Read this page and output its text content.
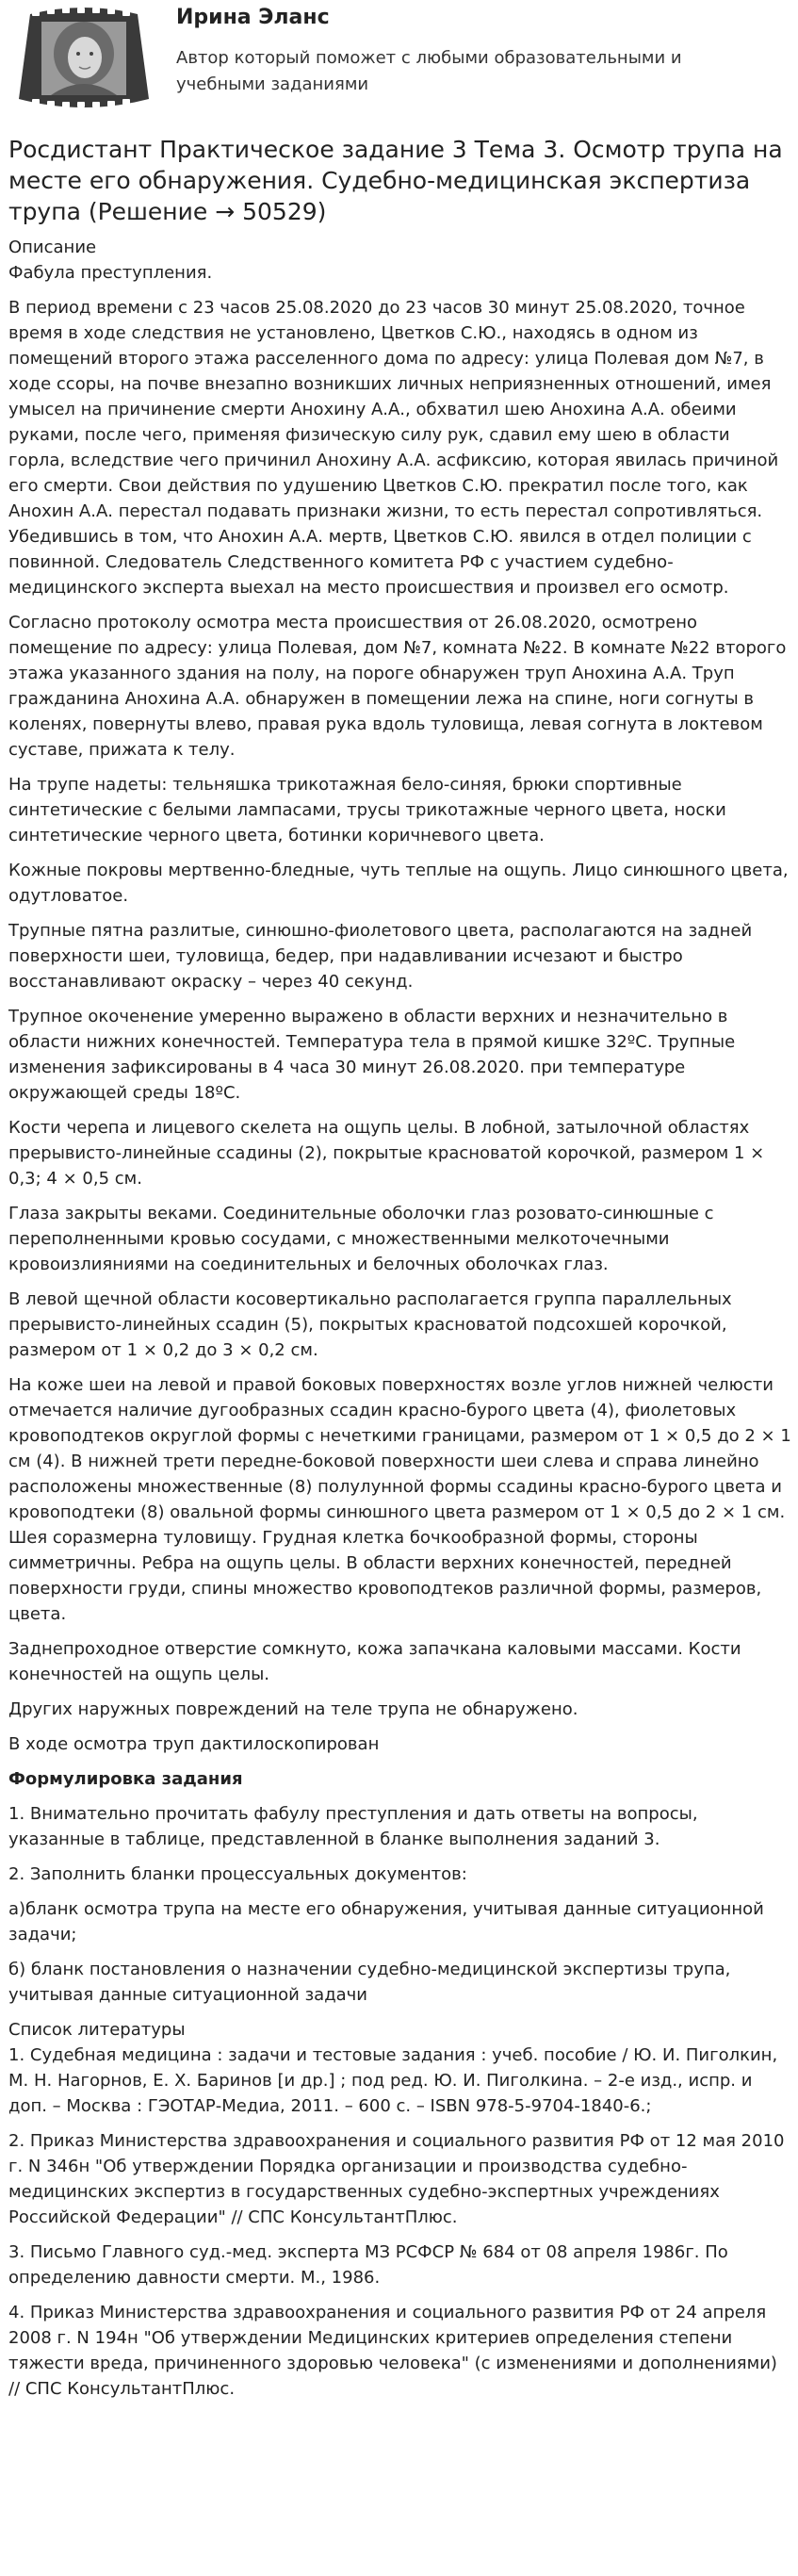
Ирина Эланс
Автор который поможет с любыми образовательными и учебными заданиями
Росдистант Практическое задание 3 Тема 3. Осмотр трупа на месте его обнаружения. Судебно-медицинская экспертиза трупа (Решение → 50529)
Описание
Фабула преступления.

В период времени с 23 часов 25.08.2020 до 23 часов 30 минут 25.08.2020, точное время в ходе следствия не установлено, Цветков С.Ю., находясь в одном из помещений второго этажа расселенного дома по адресу: улица Полевая дом №7, в ходе ссоры, на почве внезапно возникших личных неприязненных отношений, имея умысел на причинение смерти Анохину А.А., обхватил шею Анохина А.А. обеими руками, после чего, применяя физическую силу рук, сдавил ему шею в области горла, вследствие чего причинил Анохину А.А. асфиксию, которая явилась причиной его смерти. Свои действия по удушению Цветков С.Ю. прекратил после того, как Анохин А.А. перестал подавать признаки жизни, то есть перестал сопротивляться. Убедившись в том, что Анохин А.А. мертв, Цветков С.Ю. явился в отдел полиции с повинной. Следователь Следственного комитета РФ с участием судебно-медицинского эксперта выехал на место происшествия и произвел его осмотр.

Согласно протоколу осмотра места происшествия от 26.08.2020, осмотрено помещение по адресу: улица Полевая, дом №7, комната №22. В комнате №22 второго этажа указанного здания на полу, на пороге обнаружен труп Анохина А.А. Труп гражданина Анохина А.А. обнаружен в помещении лежа на спине, ноги согнуты в коленях, повернуты влево, правая рука вдоль туловища, левая согнута в локтевом суставе, прижата к телу.

На трупе надеты: тельняшка трикотажная бело-синяя, брюки спортивные синтетические с белыми лампасами, трусы трикотажные черного цвета, носки синтетические черного цвета, ботинки коричневого цвета.

Кожные покровы мертвенно-бледные, чуть теплые на ощупь. Лицо синюшного цвета, одутловатое.

Трупные пятна разлитые, синюшно-фиолетового цвета, располагаются на задней поверхности шеи, туловища, бедер, при надавливании исчезают и быстро восстанавливают окраску – через 40 секунд.

Трупное окоченение умеренно выражено в области верхних и незначительно в области нижних конечностей. Температура тела в прямой кишке 32ºС. Трупные изменения зафиксированы в 4 часа 30 минут 26.08.2020. при температуре окружающей среды 18ºС.

Кости черепа и лицевого скелета на ощупь целы. В лобной, затылочной областях прерывисто-линейные ссадины (2), покрытые красноватой корочкой, размером 1 × 0,3; 4 × 0,5 см.

Глаза закрыты веками. Соединительные оболочки глаз розовато-синюшные с переполненными кровью сосудами, с множественными мелкоточечными кровоизлияниями на соединительных и белочных оболочках глаз.

В левой щечной области косовертикально располагается группа параллельных прерывисто-линейных ссадин (5), покрытых красноватой подсохшей корочкой, размером от 1 × 0,2 до 3 × 0,2 см.

На коже шеи на левой и правой боковых поверхностях возле углов нижней челюсти отмечается наличие дугообразных ссадин красно-бурого цвета (4), фиолетовых кровоподтеков округлой формы с нечеткими границами, размером от 1 × 0,5 до 2 × 1 см (4). В нижней трети передне-боковой поверхности шеи слева и справа линейно расположены множественные (8) полулунной формы ссадины красно-бурого цвета и кровоподтеки (8) овальной формы синюшного цвета размером от 1 × 0,5 до 2 × 1 см. Шея соразмерна туловищу. Грудная клетка бочкообразной формы, стороны симметричны. Ребра на ощупь целы. В области верхних конечностей, передней поверхности груди, спины множество кровоподтеков различной формы, размеров, цвета.

Заднепроходное отверстие сомкнуто, кожа запачкана каловыми массами. Кости конечностей на ощупь целы.

Других наружных повреждений на теле трупа не обнаружено.

В ходе осмотра труп дактилоскопирован

Формулировка задания

1. Внимательно прочитать фабулу преступления и дать ответы на вопросы, указанные в таблице, представленной в бланке выполнения заданий 3.

2. Заполнить бланки процессуальных документов:

а)бланк осмотра трупа на месте его обнаружения, учитывая данные ситуационной задачи;

б) бланк постановления о назначении судебно-медицинской экспертизы трупа, учитывая данные ситуационной задачи

Список литературы

1. Судебная медицина : задачи и тестовые задания : учеб. пособие / Ю. И. Пиголкин, М. Н. Нагорнов, Е. Х. Баринов [и др.] ; под ред. Ю. И. Пиголкина. – 2-е изд., испр. и доп. – Москва : ГЭОТАР-Медиа, 2011. – 600 с. – ISBN 978-5-9704-1840-6.;

2. Приказ Министерства здравоохранения и социального развития РФ от 12 мая 2010 г. N 346н "Об утверждении Порядка организации и производства судебно-медицинских экспертиз в государственных судебно-экспертных учреждениях Российской Федерации" // СПС КонсультантПлюс.

3. Письмо Главного суд.-мед. эксперта МЗ РСФСР № 684 от 08 апреля 1986г. По определению давности смерти. М., 1986.

4. Приказ Министерства здравоохранения и социального развития РФ от 24 апреля 2008 г. N 194н "Об утверждении Медицинских критериев определения степени тяжести вреда, причиненного здоровью человека" (с изменениями и дополнениями) // СПС КонсультантПлюс.
